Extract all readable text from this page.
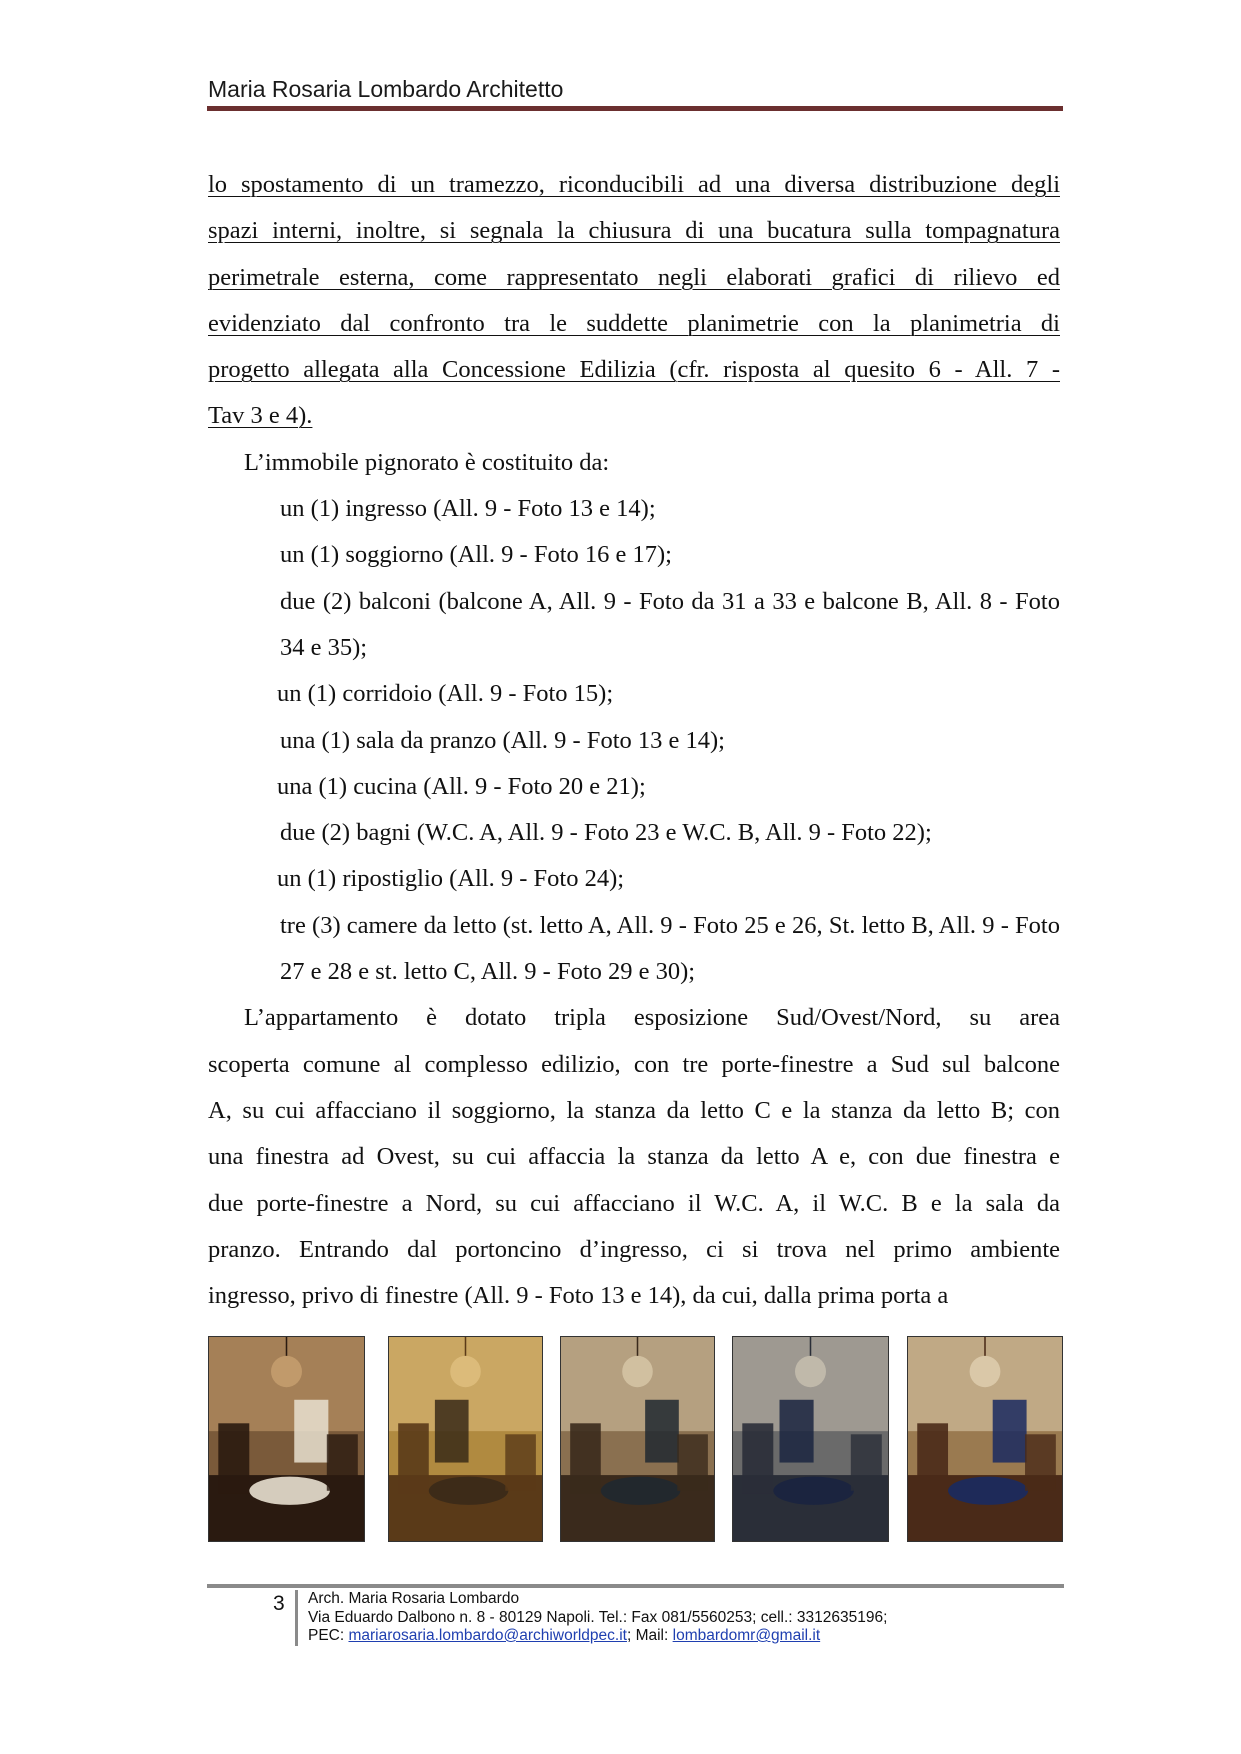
Maria Rosaria Lombardo Architetto

lo spostamento di un tramezzo, riconducibili ad una diversa distribuzione degli

spazi interni, inoltre, si segnala la chiusura di una bucatura sulla tompagnatura

perimetrale esterna, come rappresentato negli elaborati grafici di rilievo ed

evidenziato dal confronto tra le suddette planimetrie con la planimetria di

progetto allegata alla Concessione Edilizia (cfr. risposta al quesito 6 - All. 7 -

Tav 3 e 4).

L’immobile pignorato è costituito da:

un (1) ingresso (All. 9 - Foto 13 e 14);
un (1) soggiorno (All. 9 - Foto 16 e 17);
due (2) balconi (balcone A, All. 9 - Foto da 31 a 33 e balcone B, All. 8 - Foto 34 e 35);
un (1) corridoio (All. 9 - Foto 15);
una (1) sala da pranzo (All. 9 - Foto 13 e 14);
una (1) cucina (All. 9 - Foto 20 e 21);
due (2) bagni (W.C. A, All. 9 - Foto 23 e W.C. B, All. 9 - Foto 22);
un (1) ripostiglio (All. 9 - Foto 24);
tre (3) camere da letto (st. letto A, All. 9 - Foto 25 e 26, St. letto B, All. 9 - Foto 27 e 28 e st. letto C, All. 9 - Foto 29 e 30);

L’appartamento è dotato tripla esposizione Sud/Ovest/Nord, su area

scoperta comune al complesso edilizio, con tre porte-finestre a Sud sul balcone

A, su cui affacciano il soggiorno, la stanza da letto C e la stanza da letto B; con

una finestra ad Ovest, su cui affaccia la stanza da letto A e, con due finestra e

due porte-finestre a Nord, su cui affacciano il W.C. A, il W.C. B e la sala da

pranzo. Entrando dal portoncino d’ingresso, ci si trova nel primo ambiente

ingresso, privo di finestre (All. 9 - Foto 13 e 14), da cui, dalla prima porta a

3 Arch. Maria Rosaria Lombardo
Via Eduardo Dalbono n. 8 - 80129 Napoli. Tel.: Fax 081/5560253; cell.: 3312635196;
PEC: mariarosaria.lombardo@archiworldpec.it; Mail: lombardomr@gmail.it
